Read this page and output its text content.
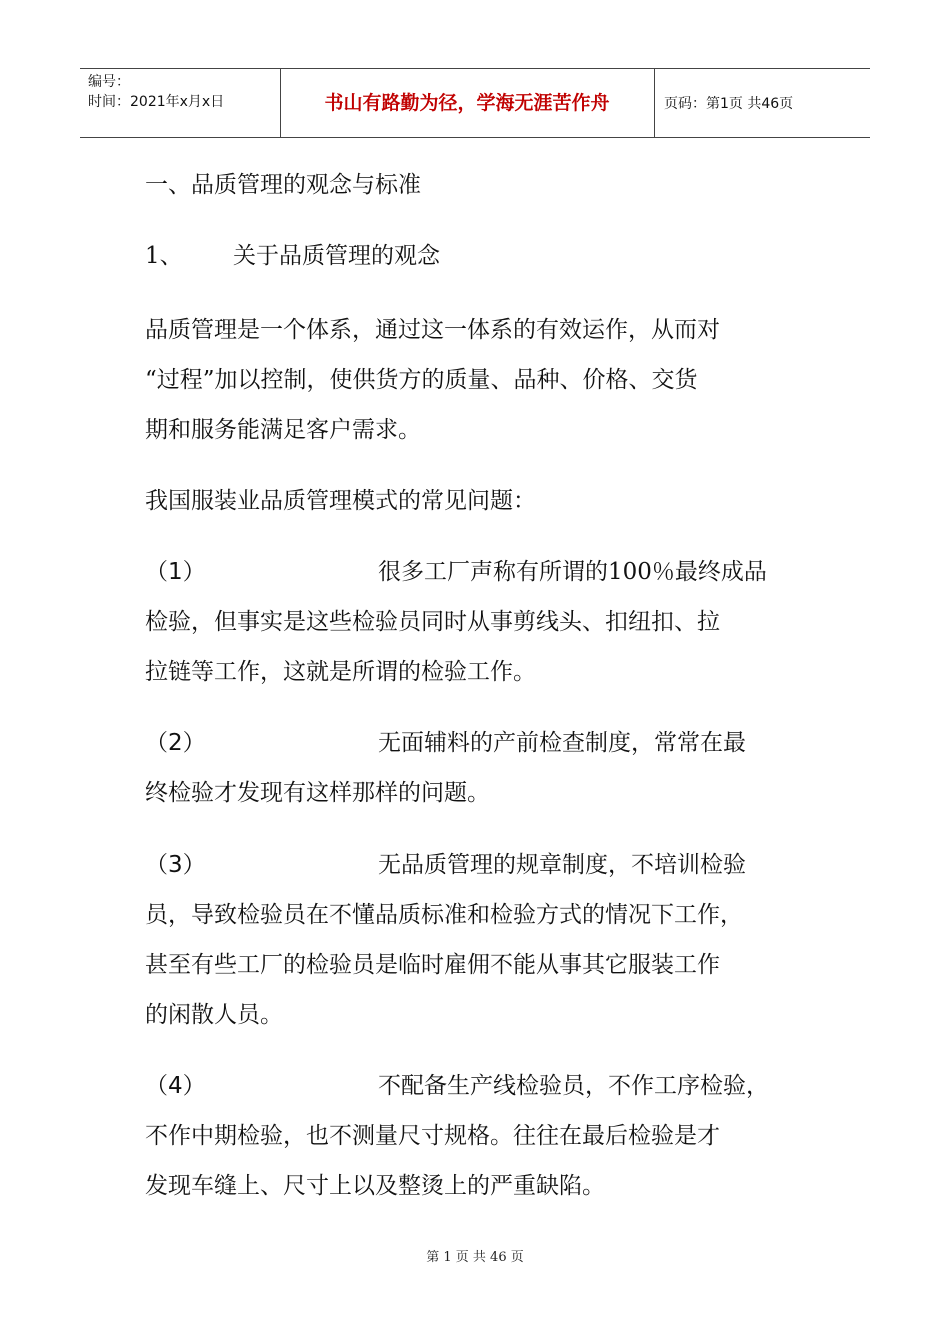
编号：
时间：2021年x月x日	书山有路勤为径，学海无涯苦作舟	页码：第1页 共46页
一、品质管理的观念与标准
1、 关于品质管理的观念
品质管理是一个体系，通过这一体系的有效运作，从而对
“过程”加以控制，使供货方的质量、品种、价格、交货
期和服务能满足客户需求。
我国服装业品质管理模式的常见问题：
（1）	很多工厂声称有所谓的100％最终成品
检验，但事实是这些检验员同时从事剪线头、扣纽扣、拉
拉链等工作，这就是所谓的检验工作。
（2）	无面辅料的产前检查制度，常常在最
终检验才发现有这样那样的问题。
（3）	无品质管理的规章制度，不培训检验
员，导致检验员在不懂品质标准和检验方式的情况下工作，
甚至有些工厂的检验员是临时雇佣不能从事其它服装工作
的闲散人员。
（4）	不配备生产线检验员，不作工序检验，
不作中期检验，也不测量尺寸规格。往往在最后检验是才
发现车缝上、尺寸上以及整烫上的严重缺陷。
第 1 页 共 46 页
